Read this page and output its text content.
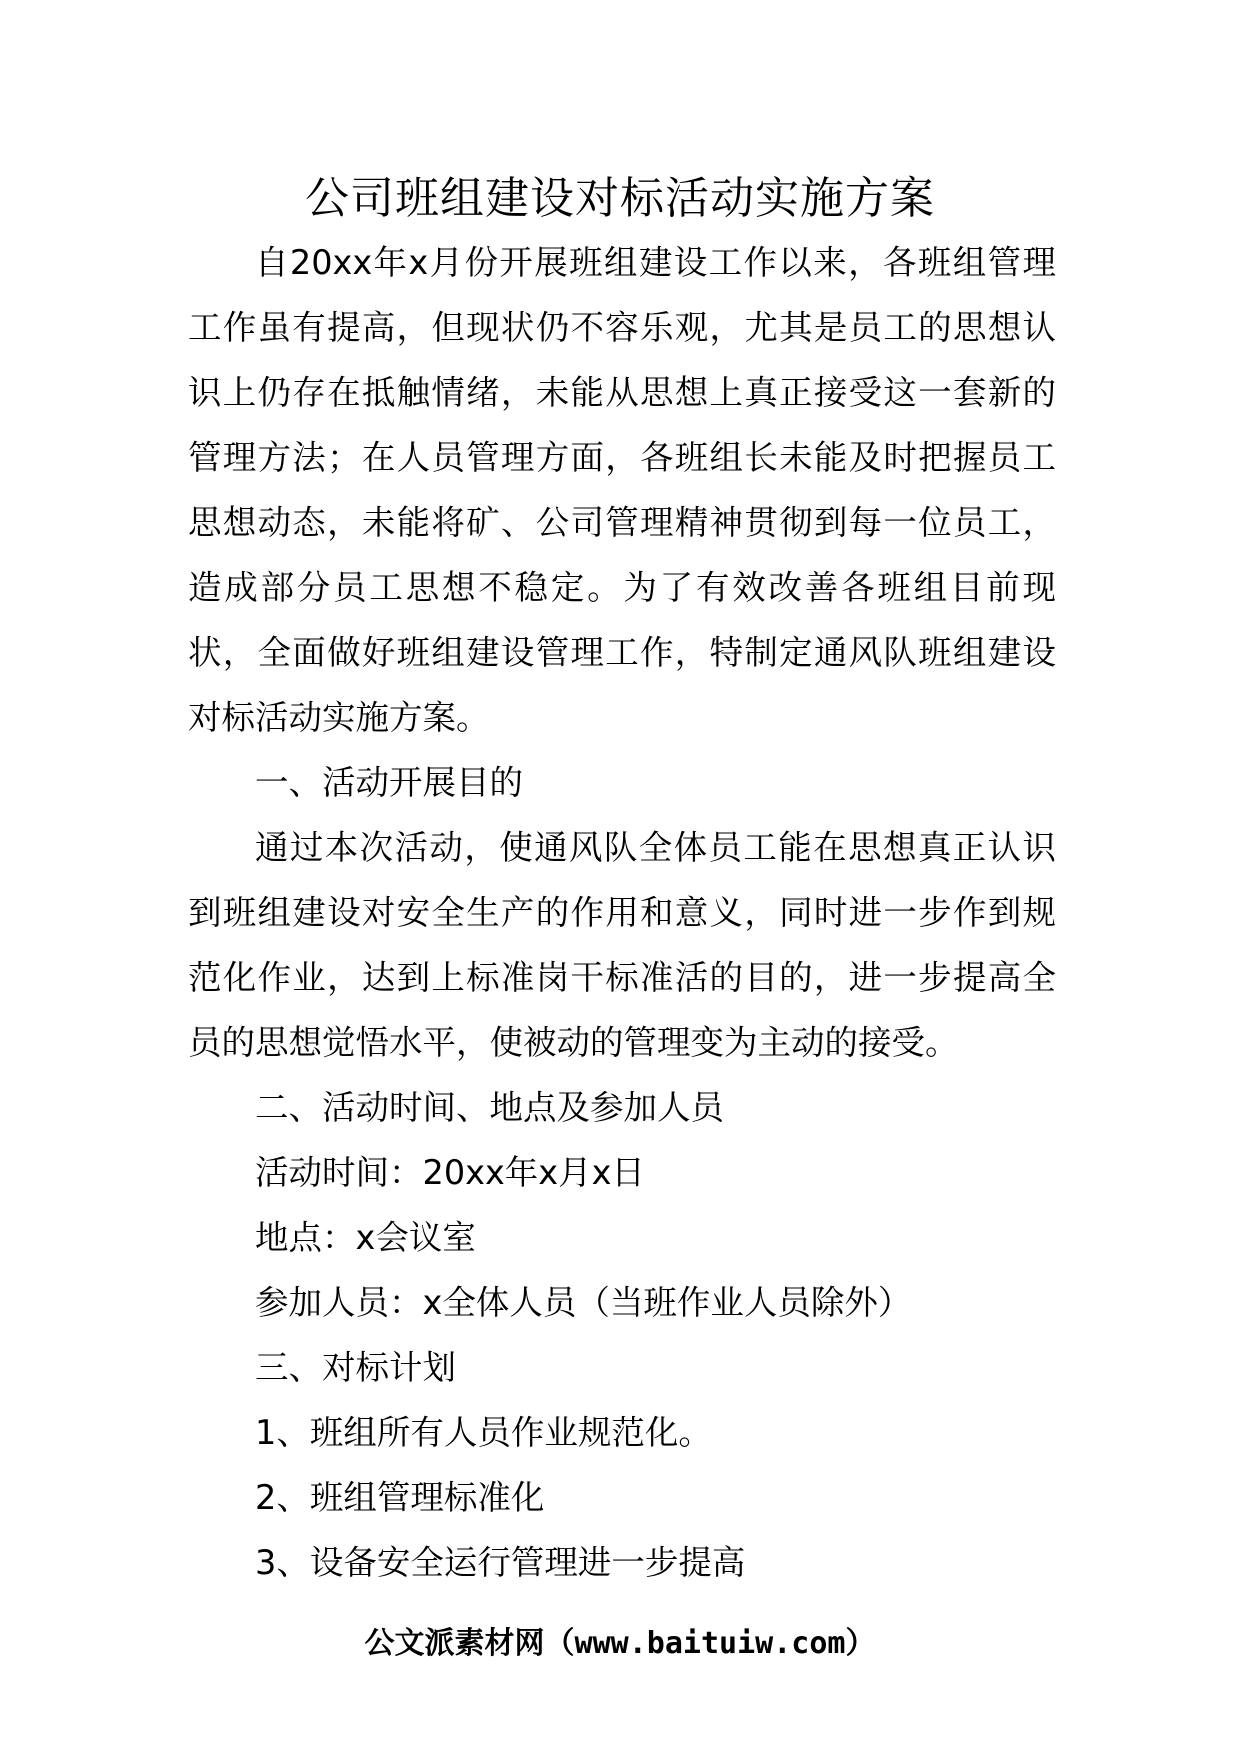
公司班组建设对标活动实施方案

自20xx年x月份开展班组建设工作以来，各班组管理工作虽有提高，但现状仍不容乐观，尤其是员工的思想认识上仍存在抵触情绪，未能从思想上真正接受这一套新的管理方法；在人员管理方面，各班组长未能及时把握员工思想动态，未能将矿、公司管理精神贯彻到每一位员工，造成部分员工思想不稳定。为了有效改善各班组目前现状，全面做好班组建设管理工作，特制定通风队班组建设对标活动实施方案。

一、活动开展目的

通过本次活动，使通风队全体员工能在思想真正认识到班组建设对安全生产的作用和意义，同时进一步作到规范化作业，达到上标准岗干标准活的目的，进一步提高全员的思想觉悟水平，使被动的管理变为主动的接受。

二、活动时间、地点及参加人员

活动时间：20xx年x月x日

地点：x会议室

参加人员：x全体人员（当班作业人员除外）

三、对标计划

1、班组所有人员作业规范化。

2、班组管理标准化

3、设备安全运行管理进一步提高

公文派素材网（www.baituiw.com）
